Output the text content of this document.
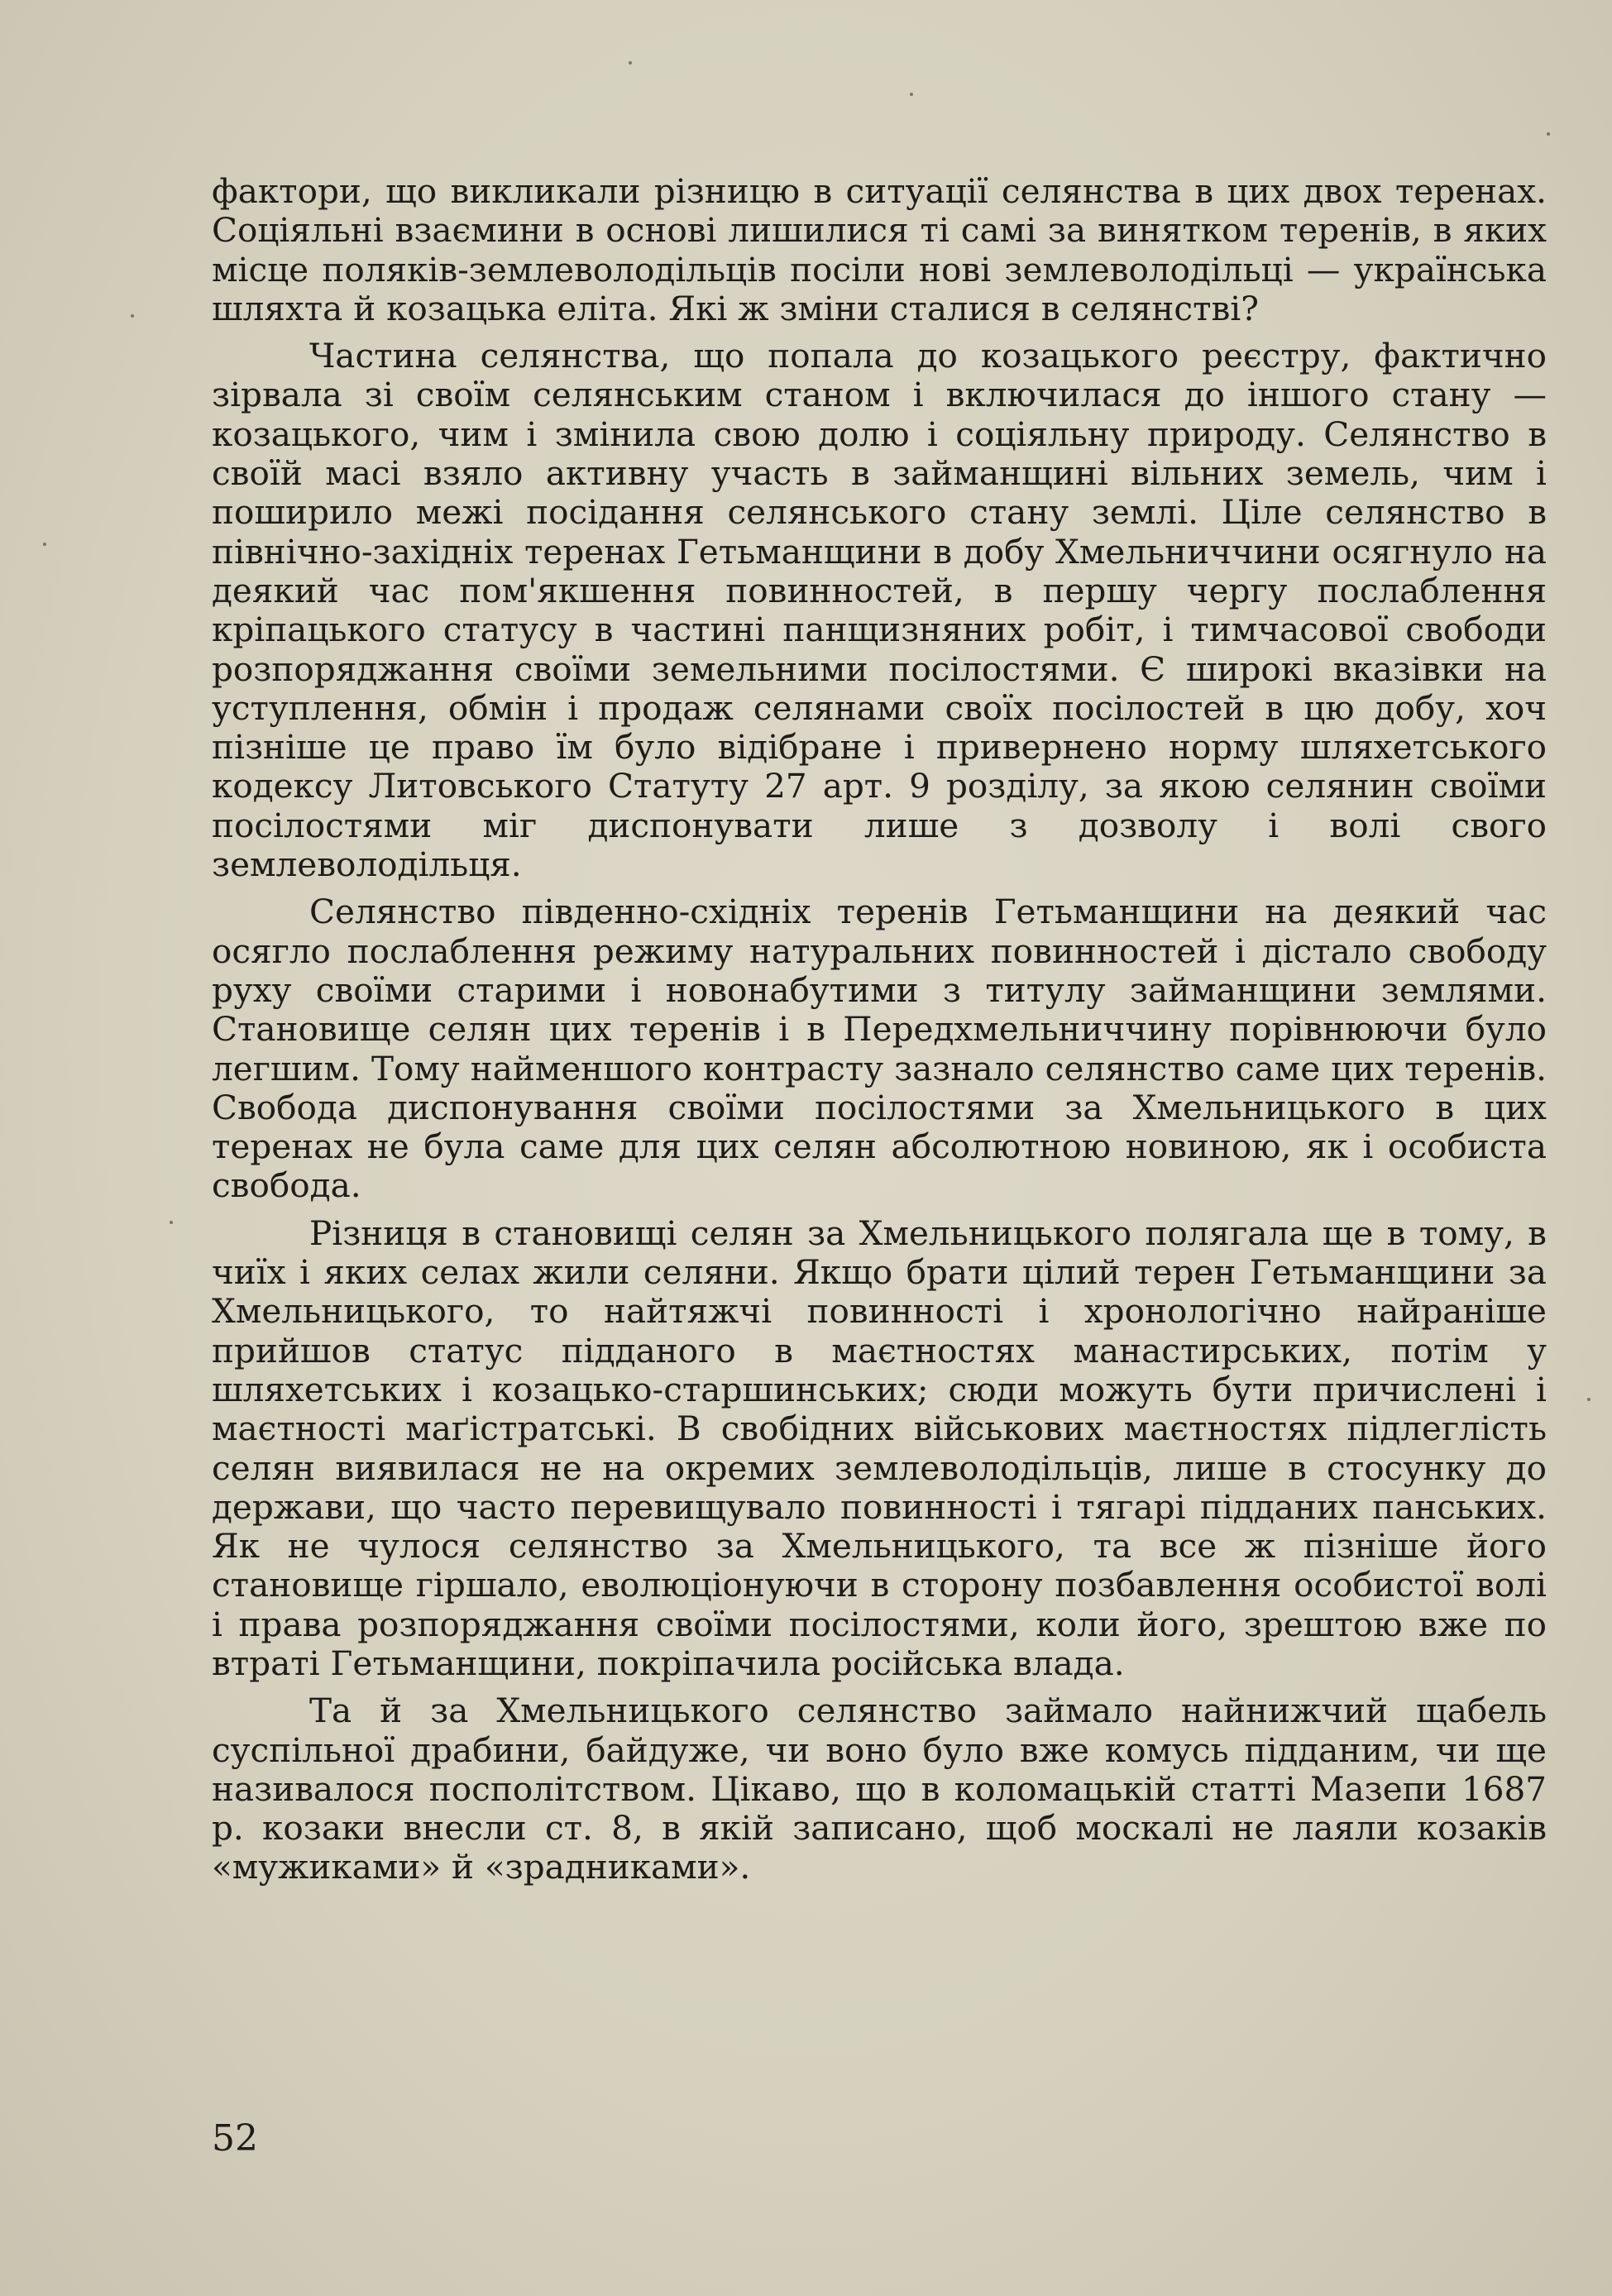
фактори, що викликали різницю в ситуації селянства в цих двох теренах. Соціяльні взаємини в основі лишилися ті самі за винятком теренів, в яких місце поляків-землеволодільців посіли нові землеволодільці — українська шляхта й козацька еліта. Які ж зміни сталися в селянстві?

Частина селянства, що попала до козацького реєстру, фактично зірвала зі своїм селянським станом і включилася до іншого стану — козацького, чим і змінила свою долю і соціяльну природу. Селянство в своїй масі взяло активну участь в займанщині вільних земель, чим і поширило межі посідання селянського стану землі. Ціле селянство в північно-західніх теренах Гетьманщини в добу Хмельниччини осягнуло на деякий час пом'якшення повинностей, в першу чергу послаблення кріпацького статусу в частині панщизняних робіт, і тимчасової свободи розпоряджання своїми земельними посілостями. Є широкі вказівки на уступлення, обмін і продаж селянами своїх посілостей в цю добу, хоч пізніше це право їм було відібране і привернено норму шляхетського кодексу Литовського Статуту 27 арт. 9 розділу, за якою селянин своїми посілостями міг диспонувати лише з дозволу і волі свого землеволодільця.

Селянство південно-східніх теренів Гетьманщини на деякий час осягло послаблення режиму натуральних повинностей і дістало свободу руху своїми старими і новонабутими з титулу займанщини землями. Становище селян цих теренів і в Передхмельниччину порівнюючи було легшим. Тому найменшого контрасту зазнало селянство саме цих теренів. Свобода диспонування своїми посілостями за Хмельницького в цих теренах не була саме для цих селян абсолютною новиною, як і особиста свобода.

Різниця в становищі селян за Хмельницького полягала ще в тому, в чиїх і яких селах жили селяни. Якщо брати цілий терен Гетьманщини за Хмельницького, то найтяжчі повинності і хронологічно найраніше прийшов статус підданого в маєтностях манастирських, потім у шляхетських і козацько-старшинських; сюди можуть бути причислені і маєтності маґістратські. В свобідних військових маєтностях підлеглість селян виявилася не на окремих землеволодільців, лише в стосунку до держави, що часто перевищувало повинності і тягарі підданих панських. Як не чулося селянство за Хмельницького, та все ж пізніше його становище гіршало, еволюціонуючи в сторону позбавлення особистої волі і права розпоряджання своїми посілостями, коли його, зрештою вже по втраті Гетьманщини, покріпачила російська влада.

Та й за Хмельницького селянство займало найнижчий щабель суспільної драбини, байдуже, чи воно було вже комусь підданим, чи ще називалося посполітством. Цікаво, що в коломацькій статті Мазепи 1687 р. козаки внесли ст. 8, в якій записано, щоб москалі не лаяли козаків «мужиками» й «зрадниками».

52
